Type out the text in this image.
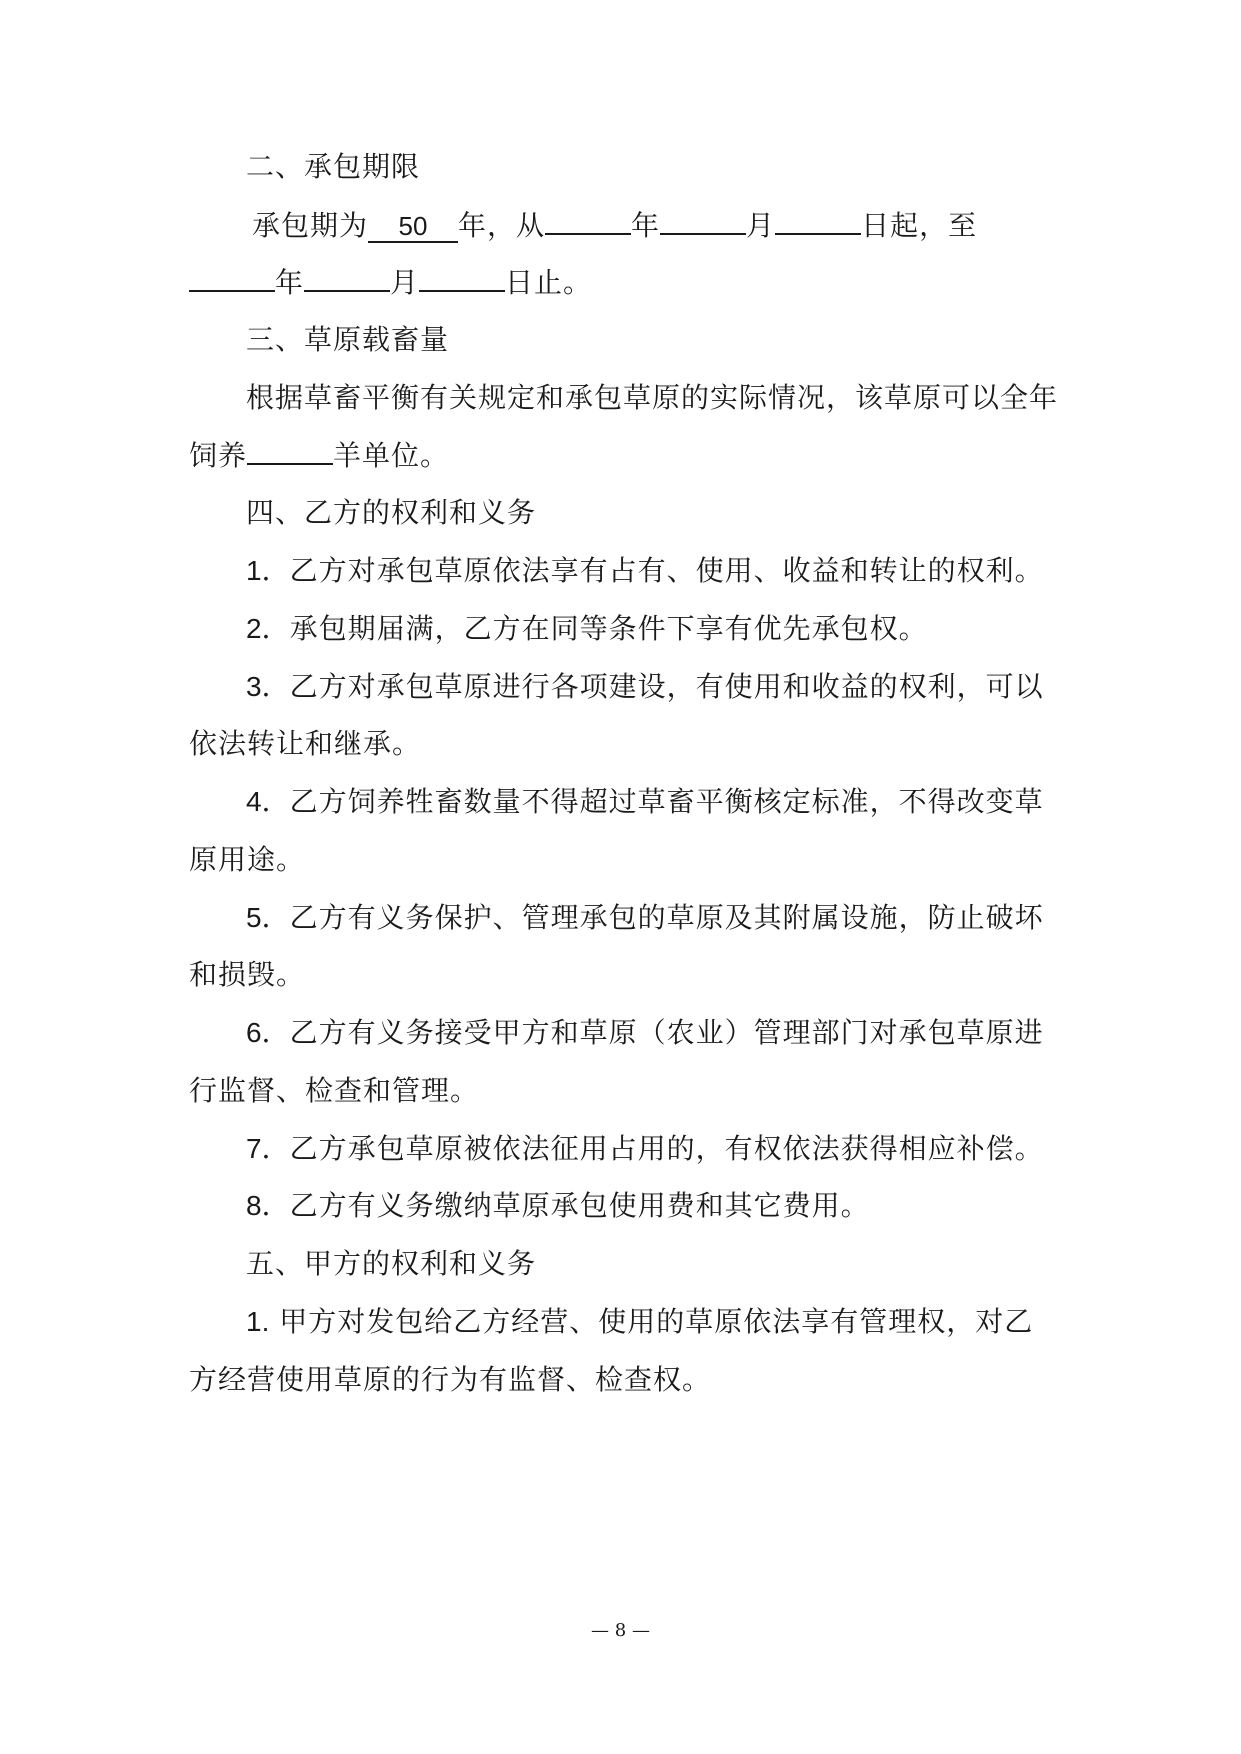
二、承包期限
承包期为 50 年，从	年	月	日起，至
年	月	日止。
三、草原载畜量
根据草畜平衡有关规定和承包草原的实际情况，该草原可以全年
饲养	羊单位。
四、乙方的权利和义务
1．乙方对承包草原依法享有占有、使用、收益和转让的权利。
2．承包期届满，乙方在同等条件下享有优先承包权。
3．乙方对承包草原进行各项建设，有使用和收益的权利，可以
依法转让和继承。
4．乙方饲养牲畜数量不得超过草畜平衡核定标准，不得改变草
原用途。
5．乙方有义务保护、管理承包的草原及其附属设施，防止破坏
和损毁。
6．乙方有义务接受甲方和草原（农业）管理部门对承包草原进
行监督、检查和管理。
7．乙方承包草原被依法征用占用的，有权依法获得相应补偿。
8．乙方有义务缴纳草原承包使用费和其它费用。
五、甲方的权利和义务
1. 甲方对发包给乙方经营、使用的草原依法享有管理权，对乙
方经营使用草原的行为有监督、检查权。
— 8 —
